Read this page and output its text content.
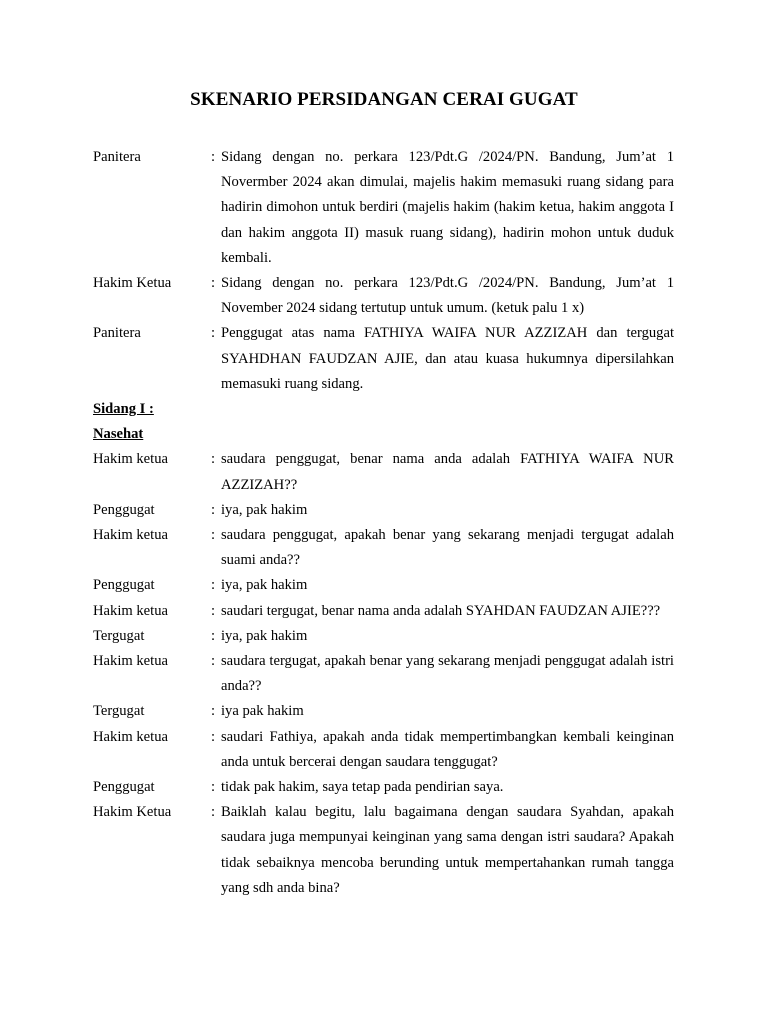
SKENARIO PERSIDANGAN CERAI GUGAT
Panitera	: Sidang dengan no. perkara 123/Pdt.G /2024/PN. Bandung, Jum’at 1 Novermber 2024 akan dimulai, majelis hakim memasuki ruang sidang para hadirin dimohon untuk berdiri (majelis hakim (hakim ketua, hakim anggota I dan hakim anggota II) masuk ruang sidang), hadirin mohon untuk duduk kembali.
Hakim Ketua	: Sidang dengan no. perkara 123/Pdt.G /2024/PN. Bandung, Jum’at 1 November 2024 sidang tertutup untuk umum. (ketuk palu 1 x)
Panitera	: Penggugat atas nama FATHIYA WAIFA NUR AZZIZAH dan tergugat SYAHDHAN FAUDZAN AJIE, dan atau kuasa hukumnya dipersilahkan memasuki ruang sidang.
Sidang I :
Nasehat
Hakim ketua	: saudara penggugat, benar nama anda adalah FATHIYA WAIFA NUR AZZIZAH??
Penggugat	: iya, pak hakim
Hakim ketua	: saudara penggugat, apakah benar yang sekarang menjadi tergugat adalah suami anda??
Penggugat	: iya, pak hakim
Hakim ketua	: saudari tergugat, benar nama anda adalah SYAHDAN FAUDZAN AJIE???
Tergugat	: iya, pak hakim
Hakim ketua	: saudara tergugat, apakah benar yang sekarang menjadi penggugat adalah istri anda??
Tergugat	: iya pak hakim
Hakim ketua	: saudari Fathiya, apakah anda tidak mempertimbangkan kembali keinginan anda untuk bercerai dengan saudara tenggugat?
Penggugat	: tidak pak hakim, saya tetap pada pendirian saya.
Hakim Ketua	: Baiklah kalau begitu, lalu bagaimana dengan saudara Syahdan, apakah saudara juga mempunyai keinginan yang sama dengan istri saudara? Apakah tidak sebaiknya mencoba berunding untuk mempertahankan rumah tangga yang sdh anda bina?
